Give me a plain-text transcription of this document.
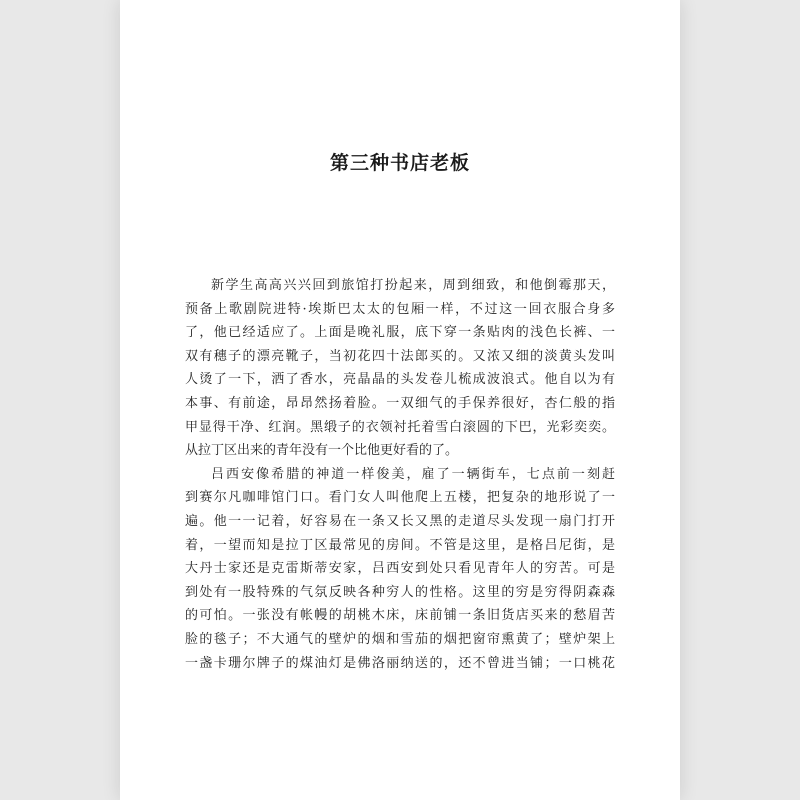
第三种书店老板

新学生高高兴兴回到旅馆打扮起来，周到细致，和他倒霉那天，
预备上歌剧院进特·埃斯巴太太的包厢一样，不过这一回衣服合身多
了，他已经适应了。上面是晚礼服，底下穿一条贴肉的浅色长裤、一
双有穗子的漂亮靴子，当初花四十法郎买的。又浓又细的淡黄头发叫
人烫了一下，洒了香水，亮晶晶的头发卷儿梳成波浪式。他自以为有
本事、有前途，昂昂然扬着脸。一双细气的手保养很好，杏仁般的指
甲显得干净、红润。黑缎子的衣领衬托着雪白滚圆的下巴，光彩奕奕。
从拉丁区出来的青年没有一个比他更好看的了。

吕西安像希腊的神道一样俊美，雇了一辆街车，七点前一刻赶
到赛尔凡咖啡馆门口。看门女人叫他爬上五楼，把复杂的地形说了一
遍。他一一记着，好容易在一条又长又黑的走道尽头发现一扇门打开
着，一望而知是拉丁区最常见的房间。不管是这里，是格吕尼街，是
大丹士家还是克雷斯蒂安家，吕西安到处只看见青年人的穷苦。可是
到处有一股特殊的气氛反映各种穷人的性格。这里的穷是穷得阴森森
的可怕。一张没有帐幔的胡桃木床，床前铺一条旧货店买来的愁眉苦
脸的毯子；不大通气的壁炉的烟和雪茄的烟把窗帘熏黄了；壁炉架上
一盏卡珊尔牌子的煤油灯是佛洛丽纳送的，还不曾进当铺；一口桃花
